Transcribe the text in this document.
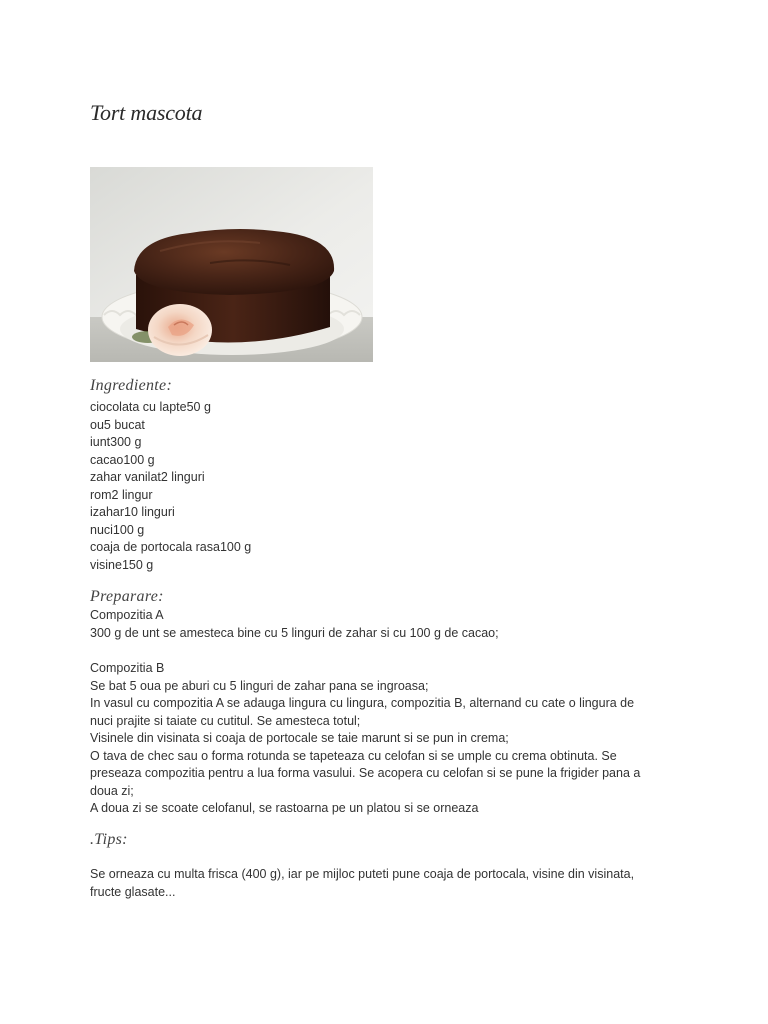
Tort mascota
Ingrediente:
ciocolata cu lapte50 g
ou5 bucat
iunt300 g
cacao100 g
zahar vanilat2 linguri
rom2 lingur
izahar10 linguri
nuci100 g
coaja de portocala rasa100 g
visine150 g
Preparare:

Compozitia A

300 g de unt se amesteca bine cu 5 linguri de zahar si cu 100 g de cacao;

Compozitia B

Se bat 5 oua pe aburi cu 5 linguri de zahar pana se ingroasa;

In vasul cu compozitia A se adauga lingura cu lingura, compozitia B, alternand cu cate o lingura de

nuci prajite si taiate cu cutitul. Se amesteca totul;

Visinele din visinata si coaja de portocale se taie marunt si se pun in crema;

O tava de chec sau o forma rotunda se tapeteaza cu celofan si se umple cu crema obtinuta. Se

preseaza compozitia pentru a lua forma vasului. Se acopera cu celofan si se pune la frigider pana a

doua zi;

A doua zi se scoate celofanul, se rastoarna pe un platou si se orneaza

.Tips:

Se orneaza cu multa frisca (400 g), iar pe mijloc puteti pune coaja de portocala, visine din visinata,

fructe glasate...
